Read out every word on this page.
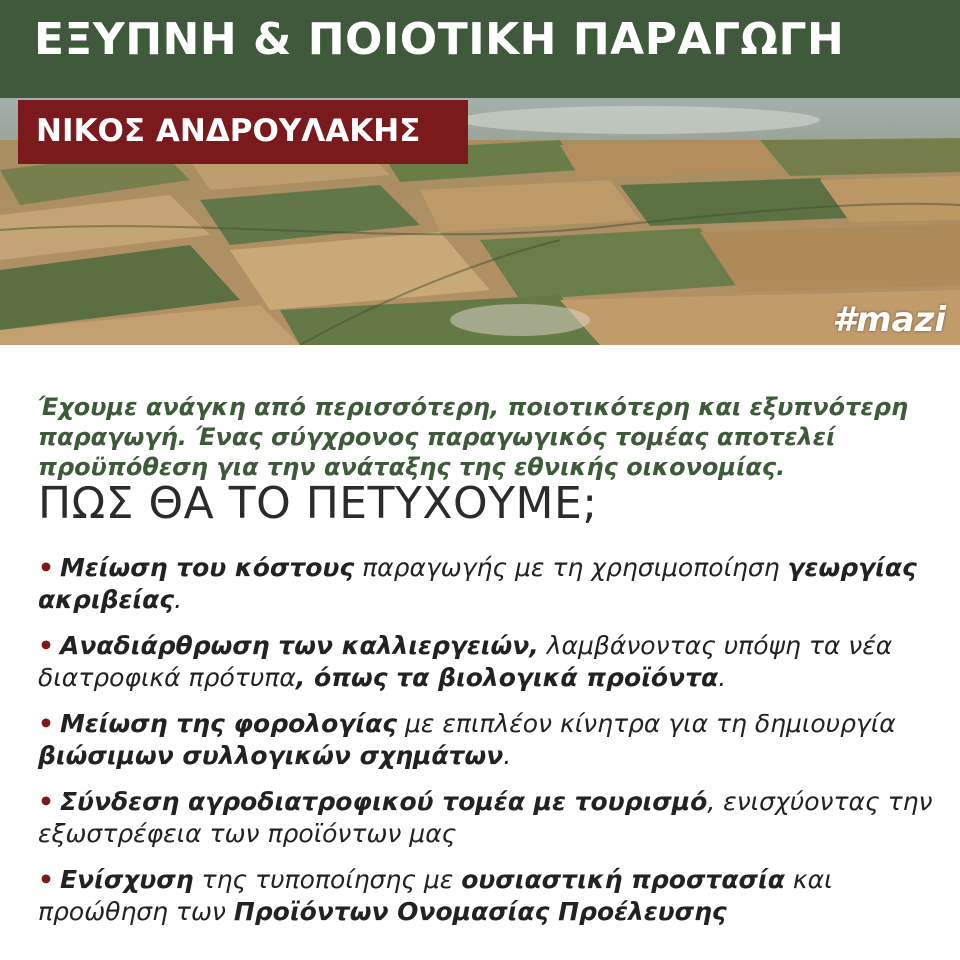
ΕΞΥΠΝΗ & ΠΟΙΟΤΙΚΗ ΠΑΡΑΓΩΓΗ
ΝΙΚΟΣ ΑΝΔΡΟΥΛΑΚΗΣ
#mazi

Έχουμε ανάγκη από περισσότερη, ποιοτικότερη και εξυπνότερη παραγωγή. Ένας σύγχρονος παραγωγικός τομέας αποτελεί προϋπόθεση για την ανάταξης της εθνικής οικονομίας.

ΠΩΣ ΘΑ ΤΟ ΠΕΤΥΧΟΥΜΕ;
• Μείωση του κόστους παραγωγής με τη χρησιμοποίηση γεωργίας ακριβείας.
• Αναδιάρθρωση των καλλιεργειών, λαμβάνοντας υπόψη τα νέα διατροφικά πρότυπα, όπως τα βιολογικά προϊόντα.
• Μείωση της φορολογίας με επιπλέον κίνητρα για τη δημιουργία βιώσιμων συλλογικών σχημάτων.
• Σύνδεση αγροδιατροφικού τομέα με τουρισμό, ενισχύοντας την εξωστρέφεια των προϊόντων μας
• Ενίσχυση της τυποποίησης με ουσιαστική προστασία και προώθηση των Προϊόντων Ονομασίας Προέλευσης
